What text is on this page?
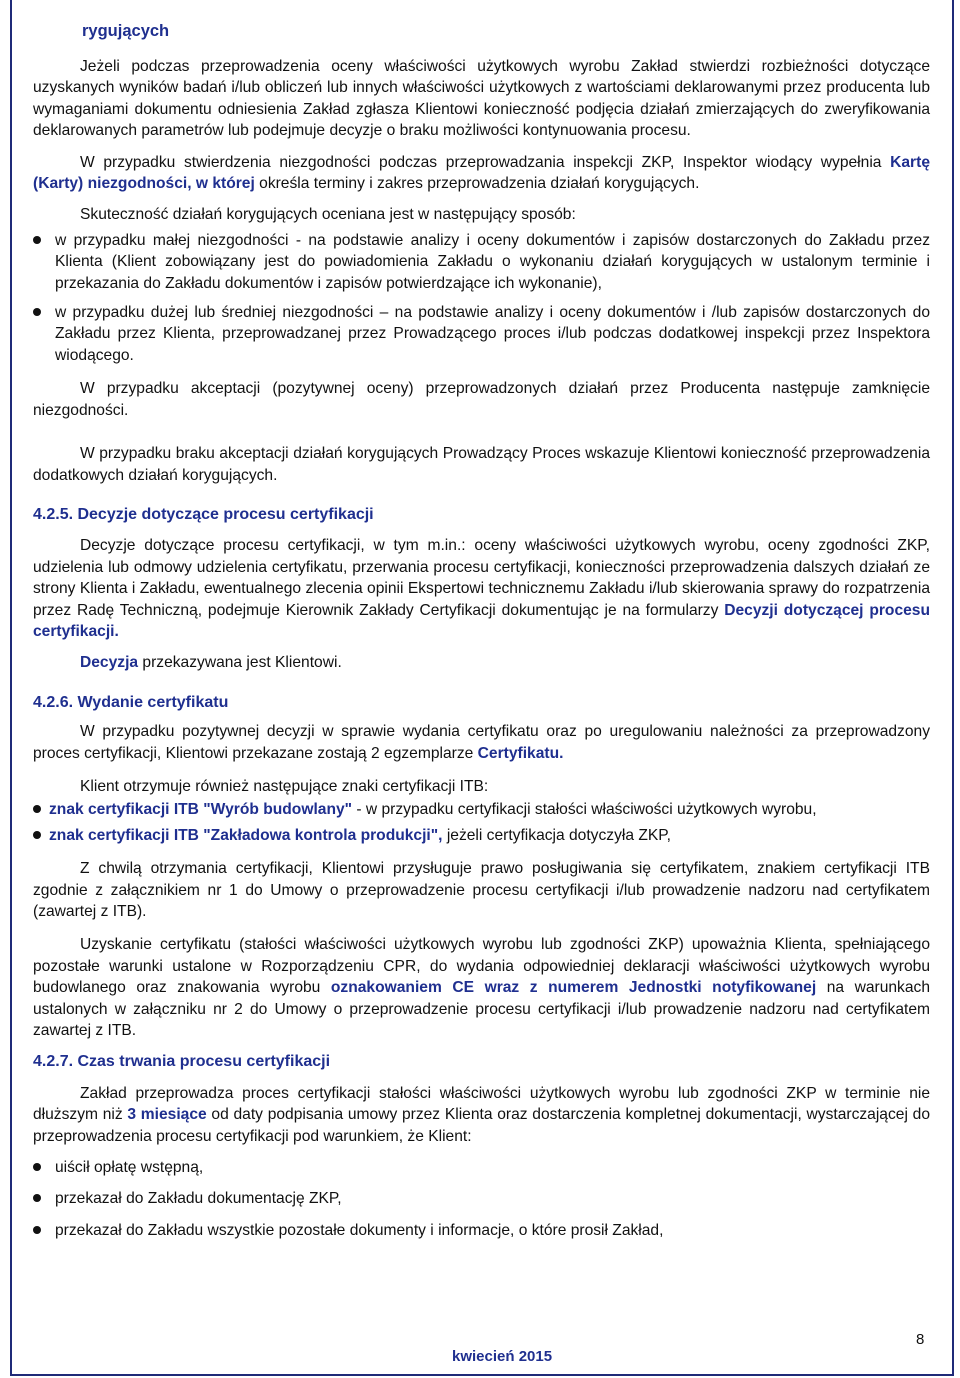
rygujących

Jeżeli podczas przeprowadzenia oceny właściwości użytkowych wyrobu Zakład stwierdzi rozbieżności dotyczące uzyskanych wyników badań i/lub obliczeń lub innych właściwości użytkowych z wartościami deklarowanymi przez producenta lub wymaganiami dokumentu odniesienia Zakład zgłasza Klientowi konieczność podjęcia działań zmierzających do zweryfikowania deklarowanych parametrów lub podejmuje decyzje o braku możliwości kontynuowania procesu.

W przypadku stwierdzenia niezgodności podczas przeprowadzania inspekcji ZKP, Inspektor wiodący wypełnia Kartę (Karty) niezgodności, w której określa terminy i zakres przeprowadzenia działań korygujących.

Skuteczność działań korygujących oceniana jest w następujący sposób:

w przypadku małej niezgodności - na podstawie analizy i oceny dokumentów i zapisów dostarczonych do Zakładu przez Klienta (Klient zobowiązany jest do powiadomienia Zakładu o wykonaniu działań korygujących w ustalonym terminie i przekazania do Zakładu dokumentów i zapisów potwierdzające ich wykonanie),
w przypadku dużej lub średniej niezgodności – na podstawie analizy i oceny dokumentów i /lub zapisów dostarczonych do Zakładu przez Klienta, przeprowadzanej przez Prowadzącego proces i/lub podczas dodatkowej inspekcji przez Inspektora wiodącego.

W przypadku akceptacji (pozytywnej oceny) przeprowadzonych działań przez Producenta następuje zamknięcie niezgodności.

W przypadku braku akceptacji działań korygujących Prowadzący Proces wskazuje Klientowi konieczność przeprowadzenia dodatkowych działań korygujących.

4.2.5. Decyzje dotyczące procesu certyfikacji

Decyzje dotyczące procesu certyfikacji, w tym m.in.: oceny właściwości użytkowych wyrobu, oceny zgodności ZKP, udzielenia lub odmowy udzielenia certyfikatu, przerwania procesu certyfikacji, konieczności przeprowadzenia dalszych działań ze strony Klienta i Zakładu, ewentualnego zlecenia opinii Ekspertowi technicznemu Zakładu i/lub skierowania sprawy do rozpatrzenia przez Radę Techniczną, podejmuje Kierownik Zakłady Certyfikacji dokumentując je na formularzy Decyzji dotyczącej procesu certyfikacji.

Decyzja przekazywana jest Klientowi.

4.2.6. Wydanie certyfikatu

W przypadku pozytywnej decyzji w sprawie wydania certyfikatu oraz po uregulowaniu należności za przeprowadzony proces certyfikacji, Klientowi przekazane zostają 2 egzemplarze Certyfikatu.

Klient otrzymuje również następujące znaki certyfikacji ITB:

znak certyfikacji ITB "Wyrób budowlany" - w przypadku certyfikacji stałości właściwości użytkowych wyrobu,
znak certyfikacji ITB "Zakładowa kontrola produkcji", jeżeli certyfikacja dotyczyła ZKP,

Z chwilą otrzymania certyfikacji, Klientowi przysługuje prawo posługiwania się certyfikatem, znakiem certyfikacji ITB zgodnie z załącznikiem nr 1 do Umowy o przeprowadzenie procesu certyfikacji i/lub prowadzenie nadzoru nad certyfikatem (zawartej z ITB).

Uzyskanie certyfikatu (stałości właściwości użytkowych wyrobu lub zgodności ZKP) upoważnia Klienta, spełniającego pozostałe warunki ustalone w Rozporządzeniu CPR, do wydania odpowiedniej deklaracji właściwości użytkowych wyrobu budowlanego oraz znakowania wyrobu oznakowaniem CE wraz z numerem Jednostki notyfikowanej na warunkach ustalonych w załączniku nr 2 do Umowy o przeprowadzenie procesu certyfikacji i/lub prowadzenie nadzoru nad certyfikatem zawartej z ITB.

4.2.7. Czas trwania procesu certyfikacji

Zakład przeprowadza proces certyfikacji stałości właściwości użytkowych wyrobu lub zgodności ZKP w terminie nie dłuższym niż 3 miesiące od daty podpisania umowy przez Klienta oraz dostarczenia kompletnej dokumentacji, wystarczającej do przeprowadzenia procesu certyfikacji pod warunkiem, że Klient:

uiścił opłatę wstępną,
przekazał do Zakładu dokumentację ZKP,
przekazał do Zakładu wszystkie pozostałe dokumenty i informacje, o które prosił Zakład,
kwiecień 2015
8
